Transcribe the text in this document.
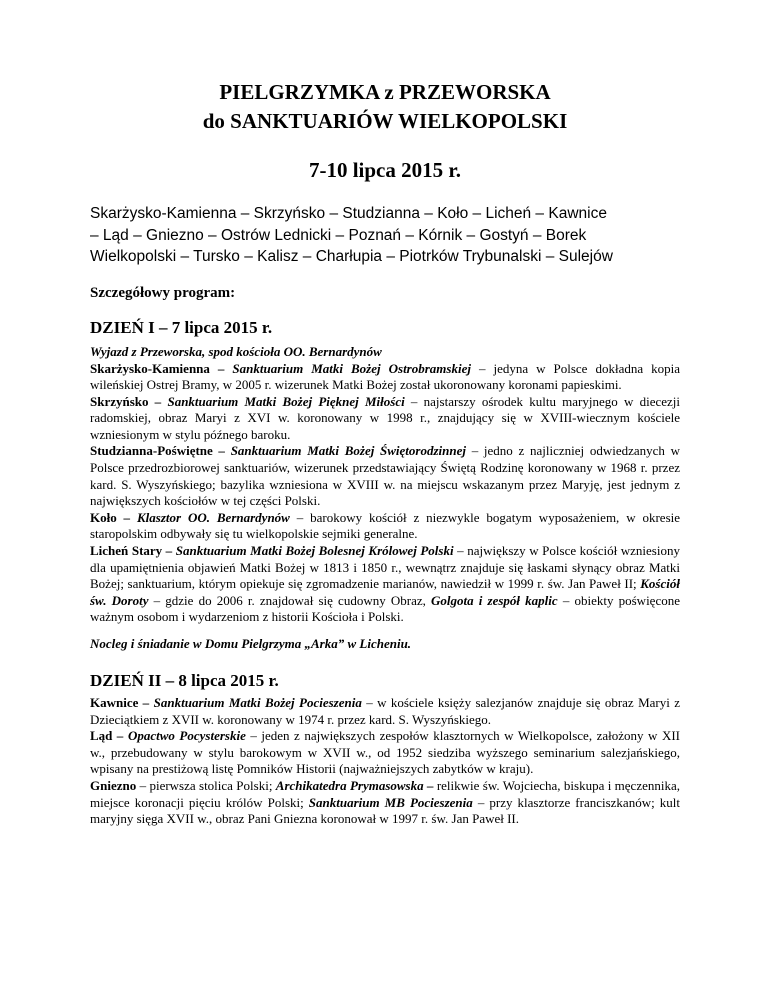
PIELGRZYMKA z PRZEWORSKA
do SANKTUARIÓW WIELKOPOLSKI

7-10 lipca 2015 r.

Skarżysko-Kamienna – Skrzyńsko – Studzianna – Koło – Licheń – Kawnice
– Ląd – Gniezno – Ostrów Lednicki – Poznań – Kórnik – Gostyń – Borek
Wielkopolski – Tursko – Kalisz – Charłupia – Piotrków Trybunalski – Sulejów

Szczegółowy program:

DZIEŃ I – 7 lipca 2015 r.

Wyjazd z Przeworska, spod kościoła OO. Bernardynów

Skarżysko-Kamienna – Sanktuarium Matki Bożej Ostrobramskiej – jedyna w Polsce dokładna kopia wileńskiej Ostrej Bramy, w 2005 r. wizerunek Matki Bożej został ukoronowany koronami papieskimi.

Skrzyńsko – Sanktuarium Matki Bożej Pięknej Miłości – najstarszy ośrodek kultu maryjnego w diecezji radomskiej, obraz Maryi z XVI w. koronowany w 1998 r., znajdujący się w XVIII-wiecznym kościele wzniesionym w stylu późnego baroku.

Studzianna-Poświętne – Sanktuarium Matki Bożej Świętorodzinnej – jedno z najliczniej odwiedzanych w Polsce przedrozbiorowej sanktuariów, wizerunek przedstawiający Świętą Rodzinę koronowany w 1968 r. przez kard. S. Wyszyńskiego; bazylika wzniesiona w XVIII w. na miejscu wskazanym przez Maryję, jest jednym z największych kościołów w tej części Polski.

Koło – Klasztor OO. Bernardynów – barokowy kościół z niezwykle bogatym wyposażeniem, w okresie staropolskim odbywały się tu wielkopolskie sejmiki generalne.

Licheń Stary – Sanktuarium Matki Bożej Bolesnej Królowej Polski – największy w Polsce kościół wzniesiony dla upamiętnienia objawień Matki Bożej w 1813 i 1850 r., wewnątrz znajduje się łaskami słynący obraz Matki Bożej; sanktuarium, którym opiekuje się zgromadzenie marianów, nawiedził w 1999 r. św. Jan Paweł II; Kościół św. Doroty – gdzie do 2006 r. znajdował się cudowny Obraz, Golgota i zespół kaplic – obiekty poświęcone ważnym osobom i wydarzeniom z historii Kościoła i Polski.

Nocleg i śniadanie w Domu Pielgrzyma „Arka” w Licheniu.

DZIEŃ II – 8 lipca 2015 r.

Kawnice – Sanktuarium Matki Bożej Pocieszenia – w kościele księży salezjanów znajduje się obraz Maryi z Dzieciątkiem z XVII w. koronowany w 1974 r. przez kard. S. Wyszyńskiego.

Ląd – Opactwo Pocysterskie – jeden z największych zespołów klasztornych w Wielkopolsce, założony w XII w., przebudowany w stylu barokowym w XVII w., od 1952 siedziba wyższego seminarium salezjańskiego, wpisany na prestiżową listę Pomników Historii (najważniejszych zabytków w kraju).

Gniezno – pierwsza stolica Polski; Archikatedra Prymasowska – relikwie św. Wojciecha, biskupa i męczennika, miejsce koronacji pięciu królów Polski; Sanktuarium MB Pocieszenia – przy klasztorze franciszkanów; kult maryjny sięga XVII w., obraz Pani Gniezna koronował w 1997 r. św. Jan Paweł II.
